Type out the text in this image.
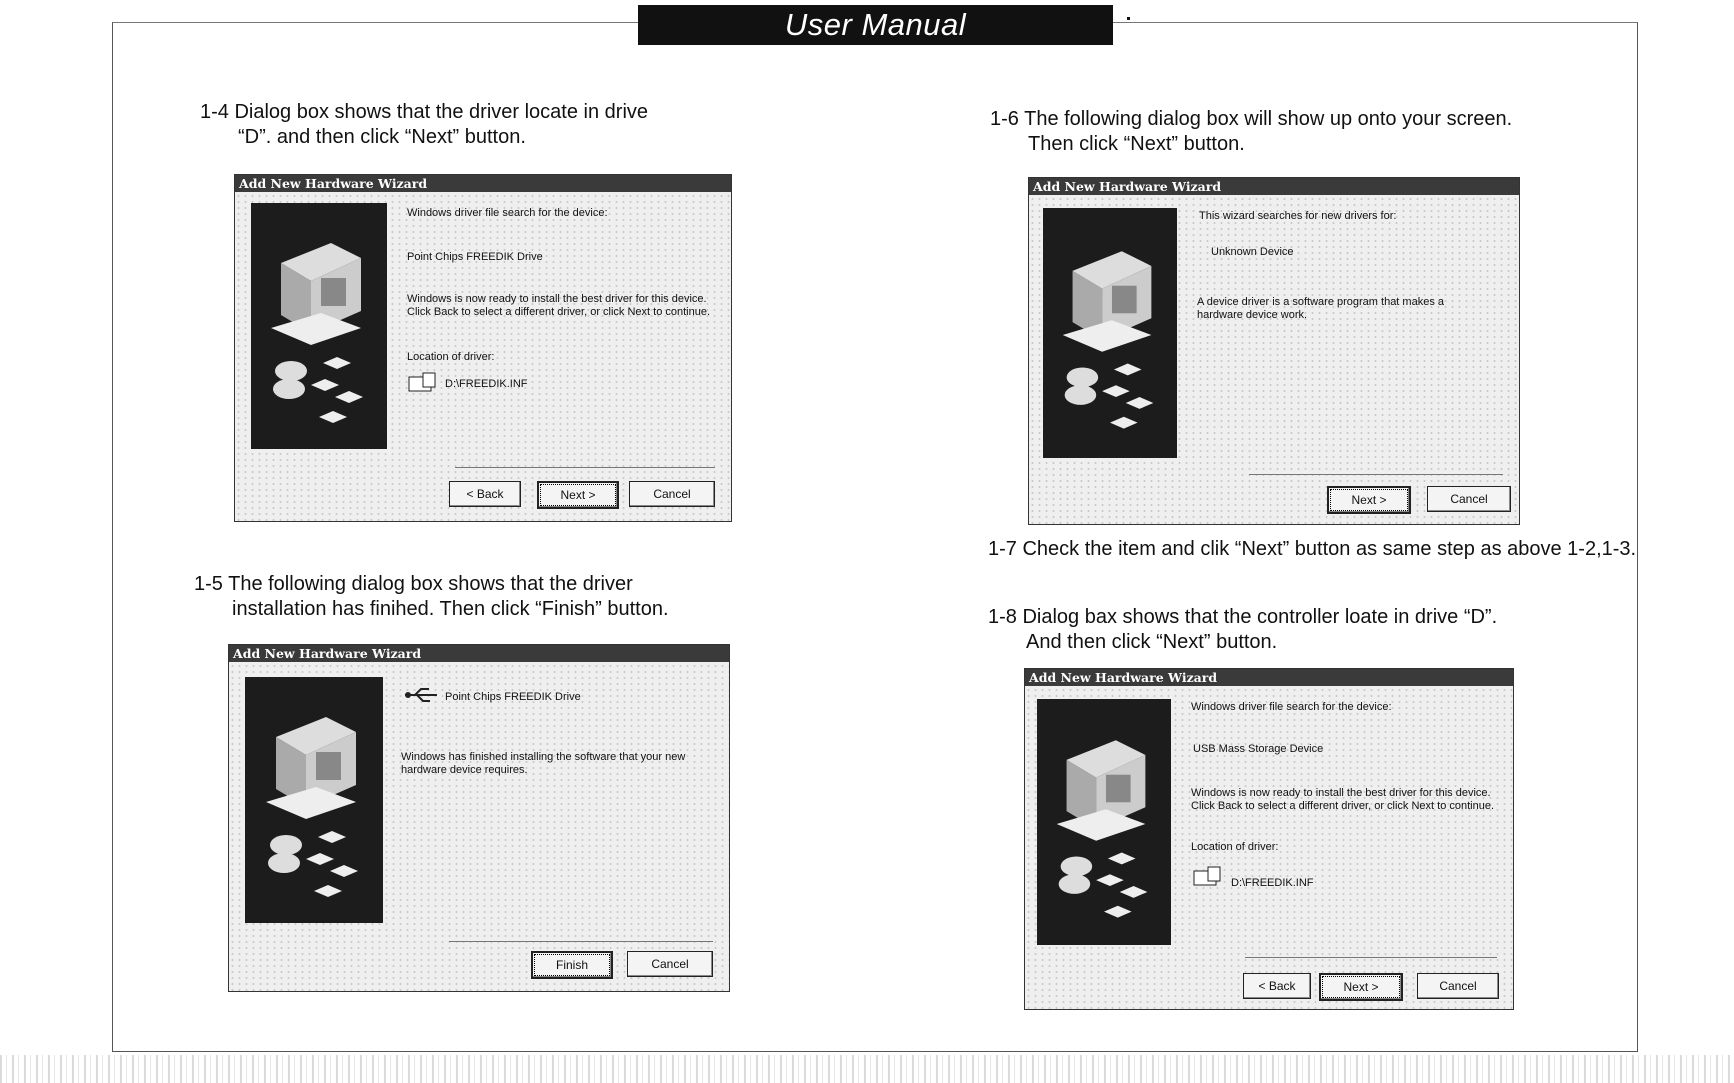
User Manual
1-4 Dialog box shows that the driver locate in drive
“D”. and then click “Next” button.
Add New Hardware Wizard
Windows driver file search for the device:
Point Chips FREEDIK Drive
Windows is now ready to install the best driver for this device. Click Back to select a different driver, or click Next to continue.
Location of driver:
D:\FREEDIK.INF
< Back	Next >	Cancel
1-5 The following dialog box shows that the driver
installation has finihed. Then click “Finish” button.
Add New Hardware Wizard
Point Chips FREEDIK Drive
Windows has finished installing the software that your new hardware device requires.
Finish	Cancel
1-6 The following dialog box will show up onto your screen.
Then click “Next” button.
Add New Hardware Wizard
This wizard searches for new drivers for:
Unknown Device
A device driver is a software program that makes a hardware device work.
Next >	Cancel
1-7 Check the item and clik “Next” button as same step as above 1-2,1-3.
1-8 Dialog bax shows that the controller loate in drive “D”.
And then click “Next” button.
Add New Hardware Wizard
Windows driver file search for the device:
USB Mass Storage Device
Windows is now ready to install the best driver for this device. Click Back to select a different driver, or click Next to continue.
Location of driver:
D:\FREEDIK.INF
< Back	Next >	Cancel
